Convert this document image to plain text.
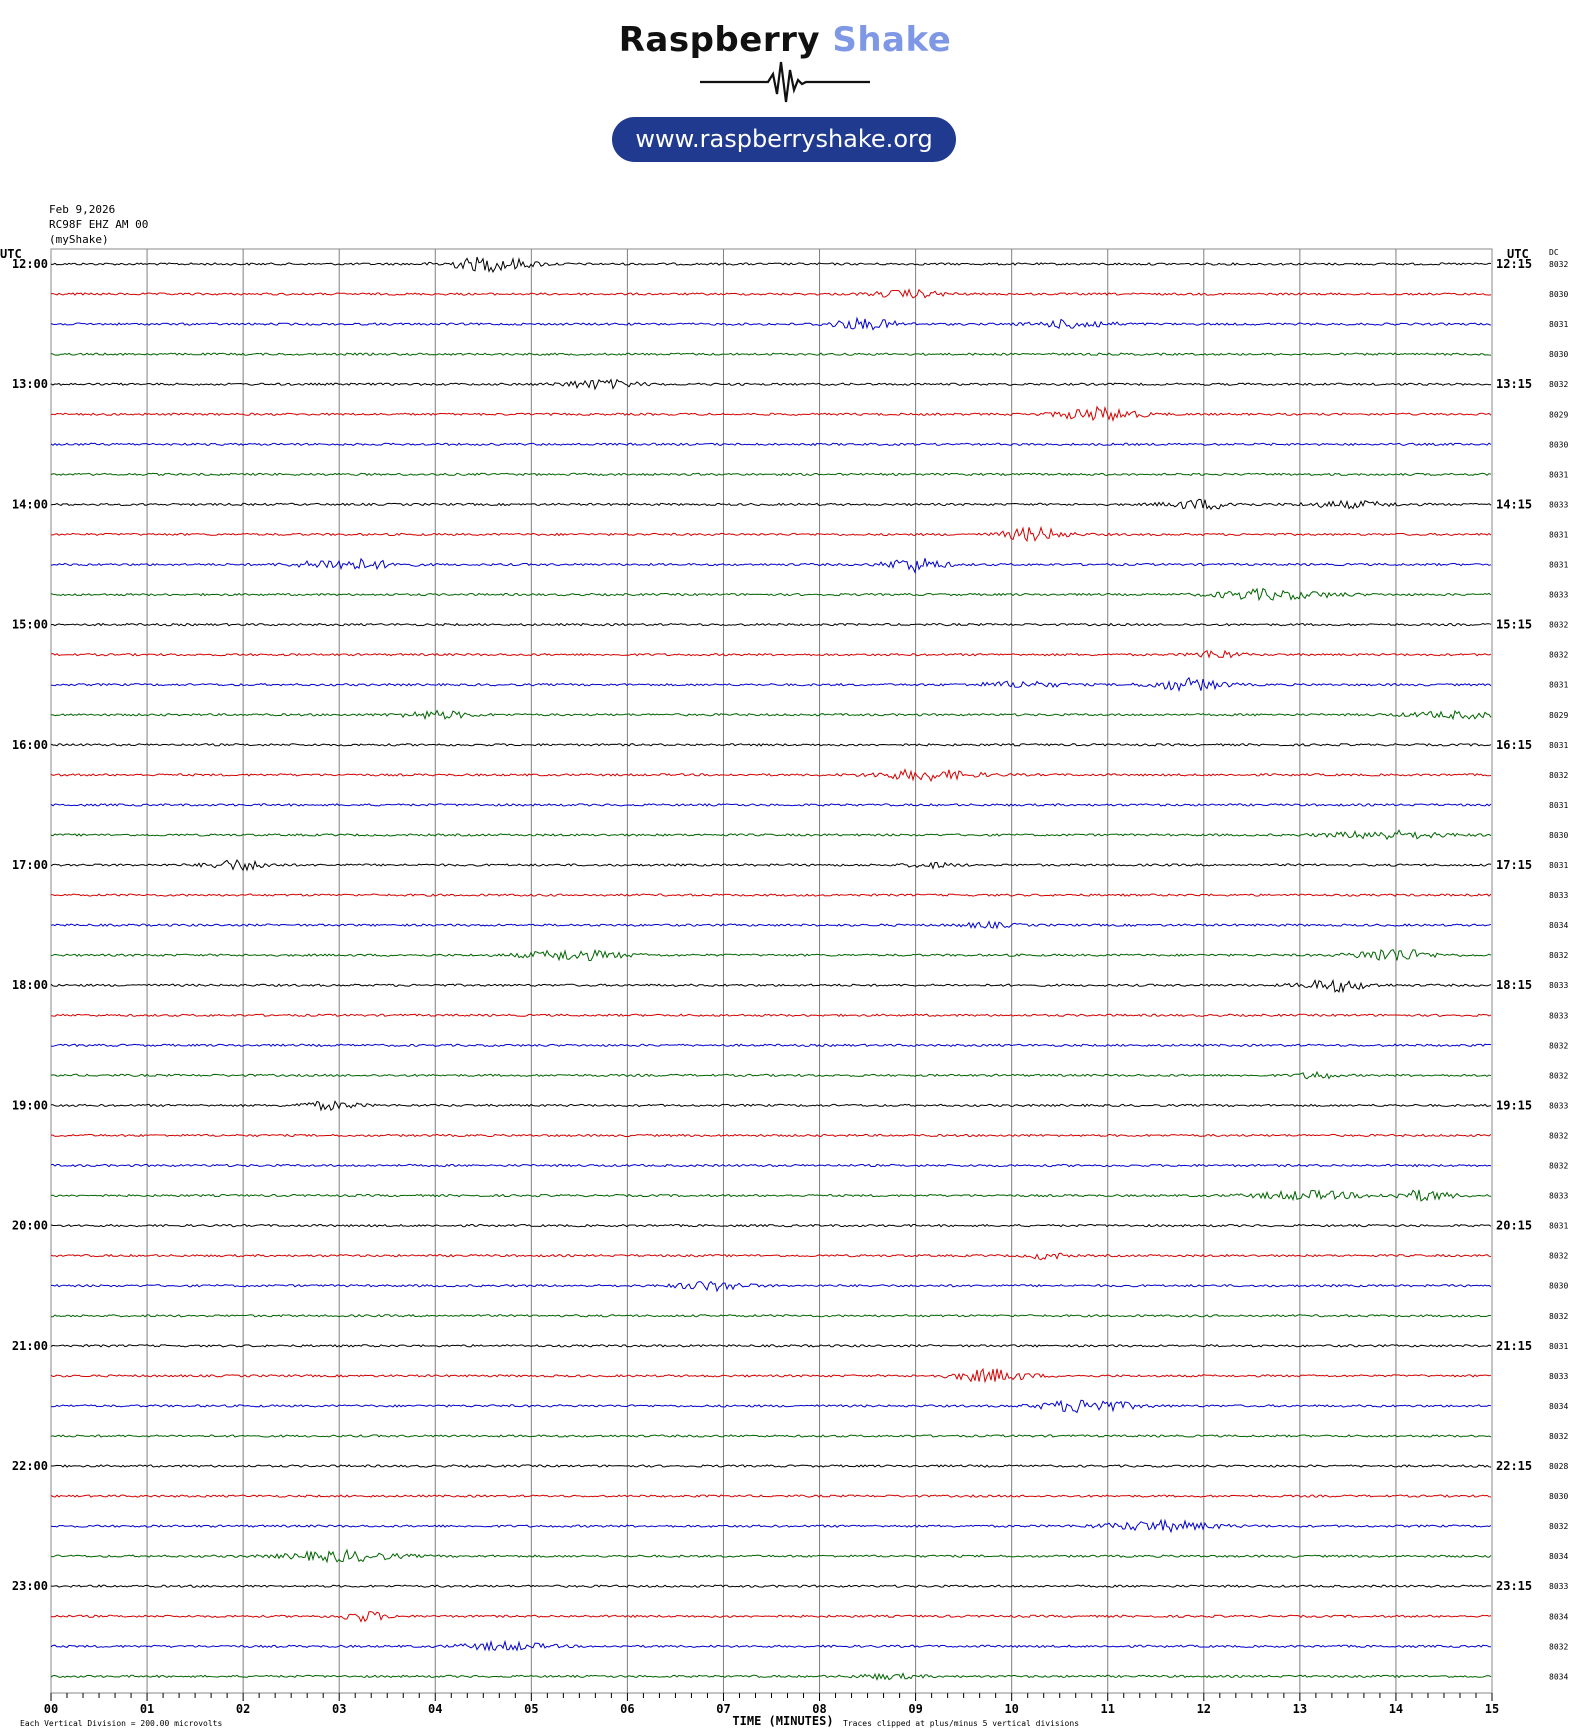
Raspberry Shake
www.raspberryshake.org
Feb 9,2026
RC98F EHZ AM 00
(myShake)
8032
8030
8031
8030
8032
8029
8030
8031
8033
8031
8031
8033
8032
8032
8031
8029
8031
8032
8031
8030
8031
8033
8034
8032
8033
8033
8032
8032
8033
8032
8032
8033
8031
8032
8030
8032
8031
8033
8034
8032
8028
8030
8032
8034
8033
8034
8032
8034
12:00
13:00
14:00
15:00
16:00
17:00
18:00
19:00
20:00
21:00
22:00
23:00
12:15
13:15
14:15
15:15
16:15
17:15
18:15
19:15
20:15
21:15
22:15
23:15
UTC	UTC	DC
00	01	02	03	04	05	06	07	08	09	10	11	12	13	14	15
TIME (MINUTES)
Each Vertical Division = 200.00 microvolts	Traces clipped at plus/minus 5 vertical divisions
